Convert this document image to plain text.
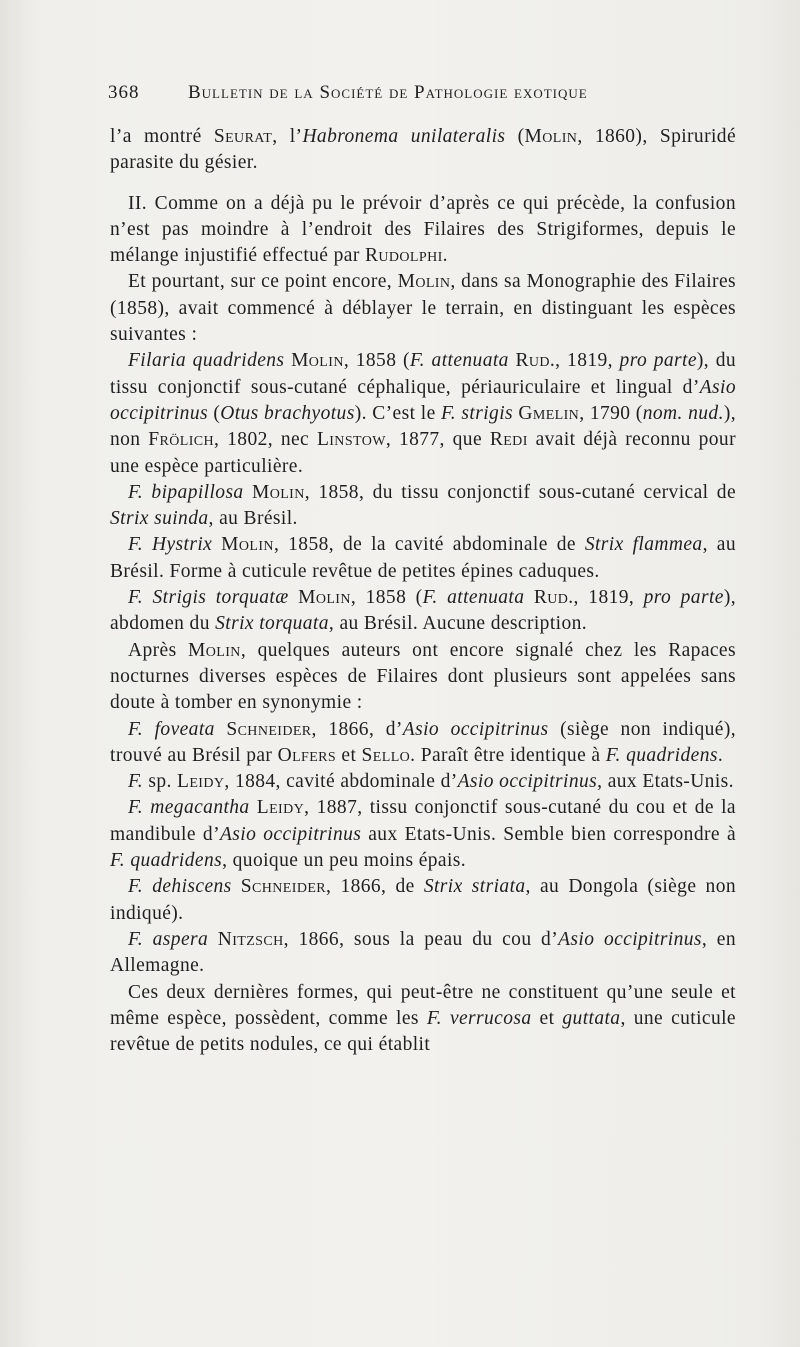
368	Bulletin de la Société de Pathologie exotique

l’a montré Seurat, l’Habronema unilateralis (Molin, 1860), Spiruridé parasite du gésier.

II. Comme on a déjà pu le prévoir d’après ce qui précède, la confusion n’est pas moindre à l’endroit des Filaires des Strigiformes, depuis le mélange injustifié effectué par Rudolphi.

Et pourtant, sur ce point encore, Molin, dans sa Monographie des Filaires (1858), avait commencé à déblayer le terrain, en distinguant les espèces suivantes :

Filaria quadridens Molin, 1858 (F. attenuata Rud., 1819, pro parte), du tissu conjonctif sous-cutané céphalique, périauriculaire et lingual d’Asio occipitrinus (Otus brachyotus). C’est le F. strigis Gmelin, 1790 (nom. nud.), non Frölich, 1802, nec Linstow, 1877, que Redi avait déjà reconnu pour une espèce particulière.

F. bipapillosa Molin, 1858, du tissu conjonctif sous-cutané cervical de Strix suinda, au Brésil.

F. Hystrix Molin, 1858, de la cavité abdominale de Strix flammea, au Brésil. Forme à cuticule revêtue de petites épines caduques.

F. Strigis torquatæ Molin, 1858 (F. attenuata Rud., 1819, pro parte), abdomen du Strix torquata, au Brésil. Aucune description.

Après Molin, quelques auteurs ont encore signalé chez les Rapaces nocturnes diverses espèces de Filaires dont plusieurs sont appelées sans doute à tomber en synonymie :

F. foveata Schneider, 1866, d’Asio occipitrinus (siège non indiqué), trouvé au Brésil par Olfers et Sello. Paraît être identique à F. quadridens.

F. sp. Leidy, 1884, cavité abdominale d’Asio occipitrinus, aux Etats-Unis.

F. megacantha Leidy, 1887, tissu conjonctif sous-cutané du cou et de la mandibule d’Asio occipitrinus aux Etats-Unis. Semble bien correspondre à F. quadridens, quoique un peu moins épais.

F. dehiscens Schneider, 1866, de Strix striata, au Dongola (siège non indiqué).

F. aspera Nitzsch, 1866, sous la peau du cou d’Asio occipitrinus, en Allemagne.

Ces deux dernières formes, qui peut-être ne constituent qu’une seule et même espèce, possèdent, comme les F. verrucosa et guttata, une cuticule revêtue de petits nodules, ce qui établit
